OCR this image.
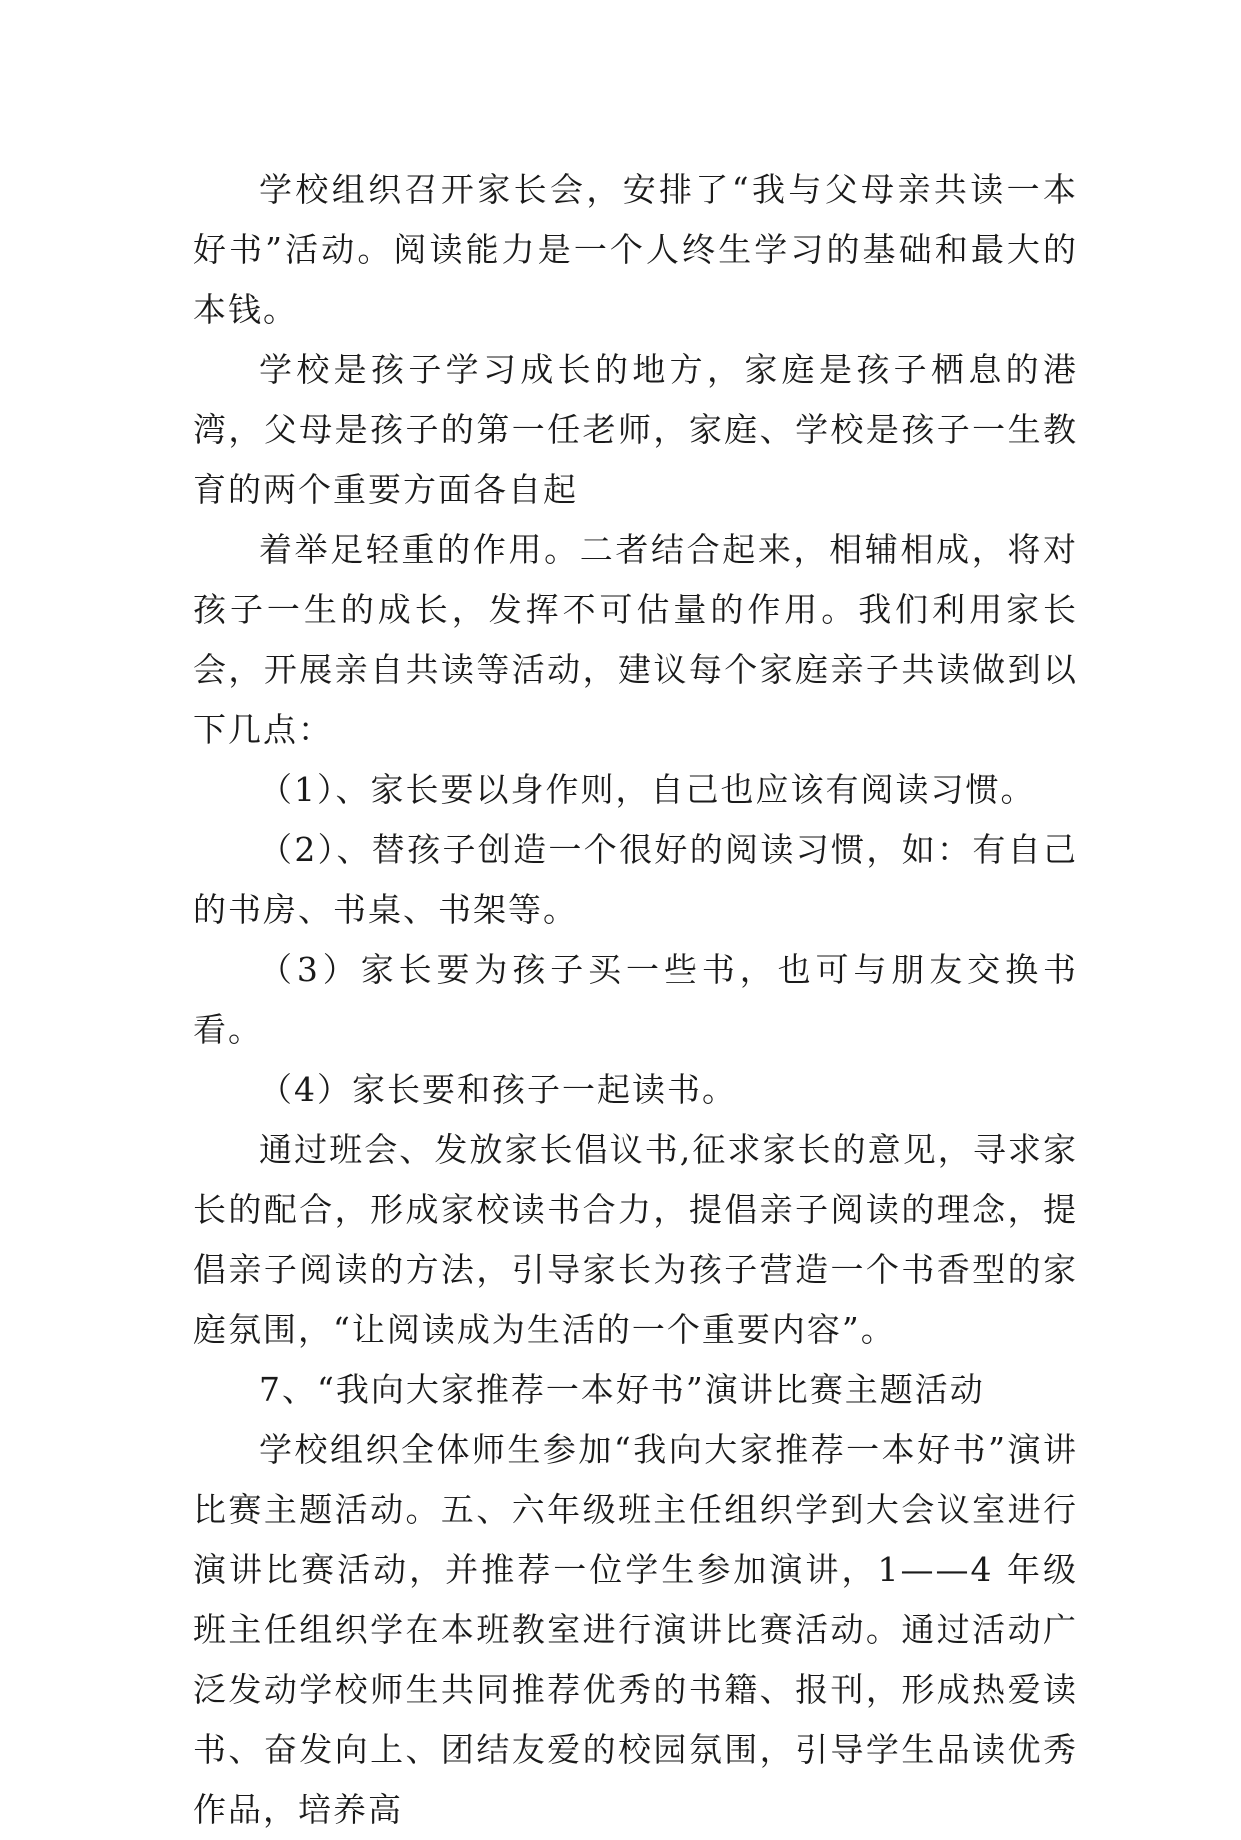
学校组织召开家长会，安排了“我与父母亲共读一本好书”活动。阅读能力是一个人终生学习的基础和最大的本钱。

学校是孩子学习成长的地方，家庭是孩子栖息的港湾，父母是孩子的第一任老师，家庭、学校是孩子一生教育的两个重要方面各自起

着举足轻重的作用。二者结合起来，相辅相成，将对孩子一生的成长，发挥不可估量的作用。我们利用家长会，开展亲自共读等活动，建议每个家庭亲子共读做到以下几点：

（1）、家长要以身作则，自己也应该有阅读习惯。

（2）、替孩子创造一个很好的阅读习惯，如：有自己的书房、书桌、书架等。

（3）家长要为孩子买一些书，也可与朋友交换书看。

（4）家长要和孩子一起读书。

通过班会、发放家长倡议书,征求家长的意见，寻求家长的配合，形成家校读书合力，提倡亲子阅读的理念，提倡亲子阅读的方法，引导家长为孩子营造一个书香型的家庭氛围，“让阅读成为生活的一个重要内容”。

7、“我向大家推荐一本好书”演讲比赛主题活动

学校组织全体师生参加“我向大家推荐一本好书”演讲比赛主题活动。五、六年级班主任组织学到大会议室进行演讲比赛活动，并推荐一位学生参加演讲，1——4 年级班主任组织学在本班教室进行演讲比赛活动。通过活动广泛发动学校师生共同推荐优秀的书籍、报刊，形成热爱读书、奋发向上、团结友爱的校园氛围，引导学生品读优秀作品，培养高
